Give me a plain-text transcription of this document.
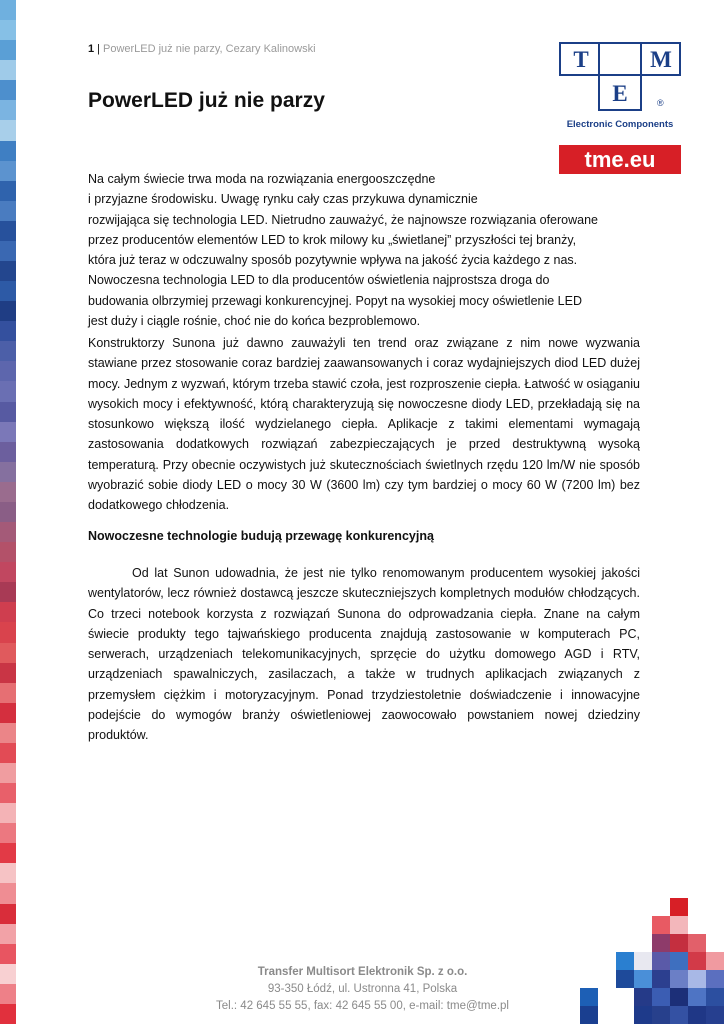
1 | PowerLED już nie parzy, Cezary Kalinowski	T	M
E	®
Electronic Components
tme.eu
PowerLED już nie parzy

Na całym świecie trwa moda na rozwiązania energooszczędne
i przyjazne środowisku. Uwagę rynku cały czas przykuwa dynamicznie
rozwijająca się technologia LED. Nietrudno zauważyć, że najnowsze rozwiązania oferowane
przez producentów elementów LED to krok milowy ku „świetlanej” przyszłości tej branży,
która już teraz w odczuwalny sposób pozytywnie wpływa na jakość życia każdego z nas.
Nowoczesna technologia LED to dla producentów oświetlenia najprostsza droga do
budowania olbrzymiej przewagi konkurencyjnej. Popyt na wysokiej mocy oświetlenie LED
jest duży i ciągle rośnie, choć nie do końca bezproblemowo.

Konstruktorzy Sunona już dawno zauważyli ten trend oraz związane z nim nowe wyzwania stawiane przez stosowanie coraz bardziej zaawansowanych i coraz wydajniejszych diod LED dużej mocy. Jednym z wyzwań, którym trzeba stawić czoła, jest rozproszenie ciepła. Łatwość w osiąganiu wysokich mocy i efektywność, którą charakteryzują się nowoczesne diody LED, przekładają się na stosunkowo większą ilość wydzielanego ciepła. Aplikacje z takimi elementami wymagają zastosowania dodatkowych rozwiązań zabezpieczających je przed destruktywną wysoką temperaturą. Przy obecnie oczywistych już skutecznościach świetlnych rzędu 120 lm/W nie sposób wyobrazić sobie diody LED o mocy 30 W (3600 lm) czy tym bardziej o mocy 60 W (7200 lm) bez dodatkowego chłodzenia.

Nowoczesne technologie budują przewagę konkurencyjną

Od lat Sunon udowadnia, że jest nie tylko renomowanym producentem wysokiej jakości wentylatorów, lecz również dostawcą jeszcze skuteczniejszych kompletnych modułów chłodzących. Co trzeci notebook korzysta z rozwiązań Sunona do odprowadzania ciepła. Znane na całym świecie produkty tego tajwańskiego producenta znajdują zastosowanie w komputerach PC, serwerach, urządzeniach telekomunikacyjnych, sprzęcie do użytku domowego AGD i RTV, urządzeniach spawalniczych, zasilaczach, a także w trudnych aplikacjach związanych z przemysłem ciężkim i motoryzacyjnym. Ponad trzydziestoletnie doświadczenie i innowacyjne podejście do wymogów branży oświetleniowej zaowocowało powstaniem nowej dziedziny produktów.

Transfer Multisort Elektronik Sp. z o.o.
93-350 Łódź, ul. Ustronna 41, Polska
Tel.: 42 645 55 55, fax: 42 645 55 00, e-mail: tme@tme.pl
